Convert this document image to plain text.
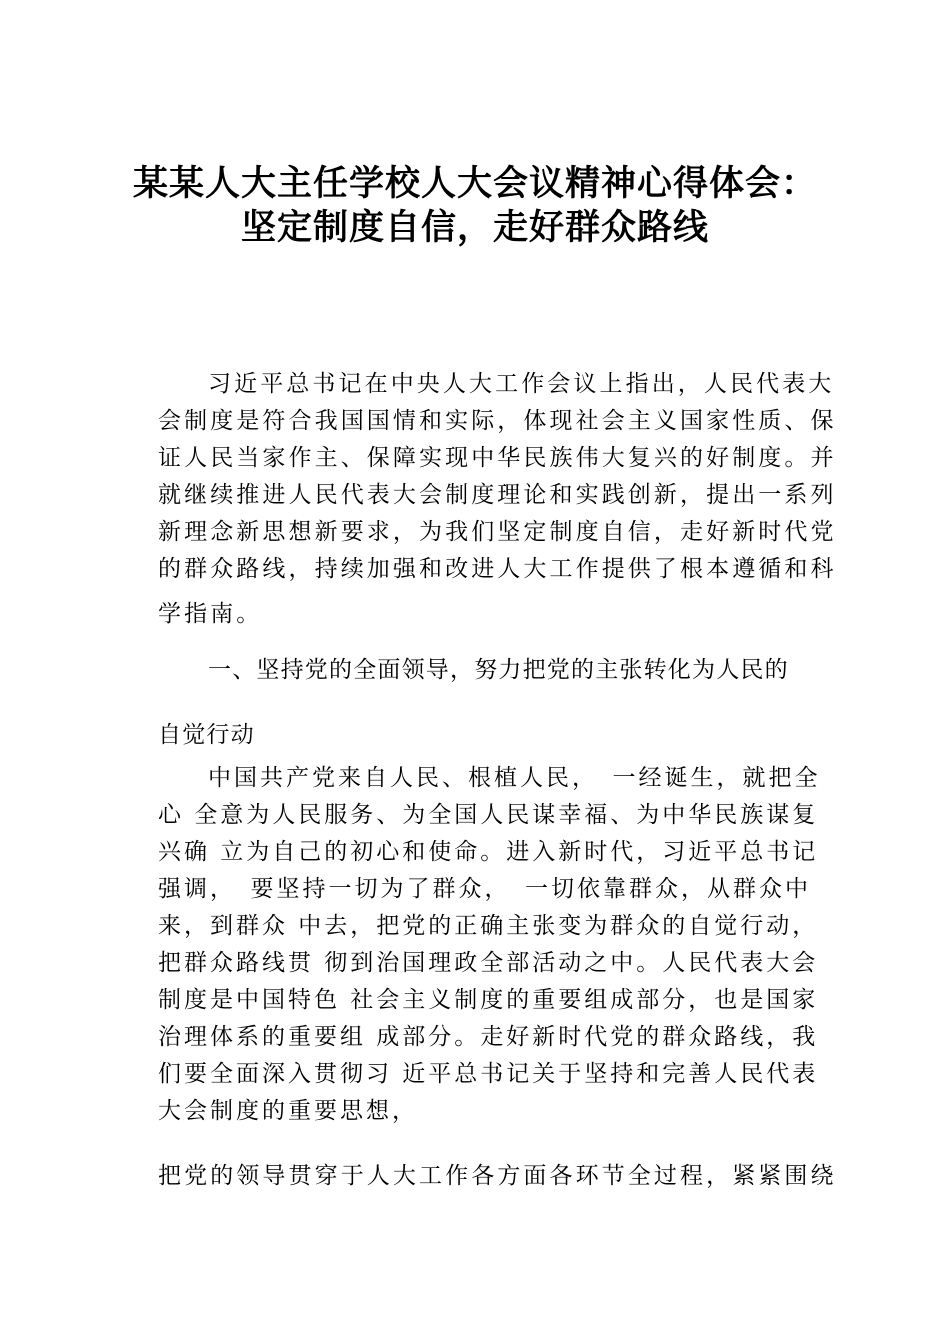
某某人大主任学校人大会议精神心得体会：
坚定制度自信，走好群众路线
习近平总书记在中央人大工作会议上指出，人民代表大
会制度是符合我国国情和实际，体现社会主义国家性质、保
证人民当家作主、保障实现中华民族伟大复兴的好制度。并
就继续推进人民代表大会制度理论和实践创新，提出一系列
新理念新思想新要求，为我们坚定制度自信，走好新时代党
的群众路线，持续加强和改进人大工作提供了根本遵循和科
学指南。
一、坚持党的全面领导，努力把党的主张转化为人民的
自觉行动
中国共产党来自人民、根植人民，　一经诞生，就把全
心 全意为人民服务、为全国人民谋幸福、为中华民族谋复
兴确 立为自己的初心和使命。进入新时代，习近平总书记
强调，　要坚持一切为了群众，　一切依靠群众，从群众中
来，到群众 中去，把党的正确主张变为群众的自觉行动，
把群众路线贯 彻到治国理政全部活动之中。人民代表大会
制度是中国特色 社会主义制度的重要组成部分，也是国家
治理体系的重要组 成部分。走好新时代党的群众路线，我
们要全面深入贯彻习 近平总书记关于坚持和完善人民代表
大会制度的重要思想，
把党的领导贯穿于人大工作各方面各环节全过程，紧紧围绕
